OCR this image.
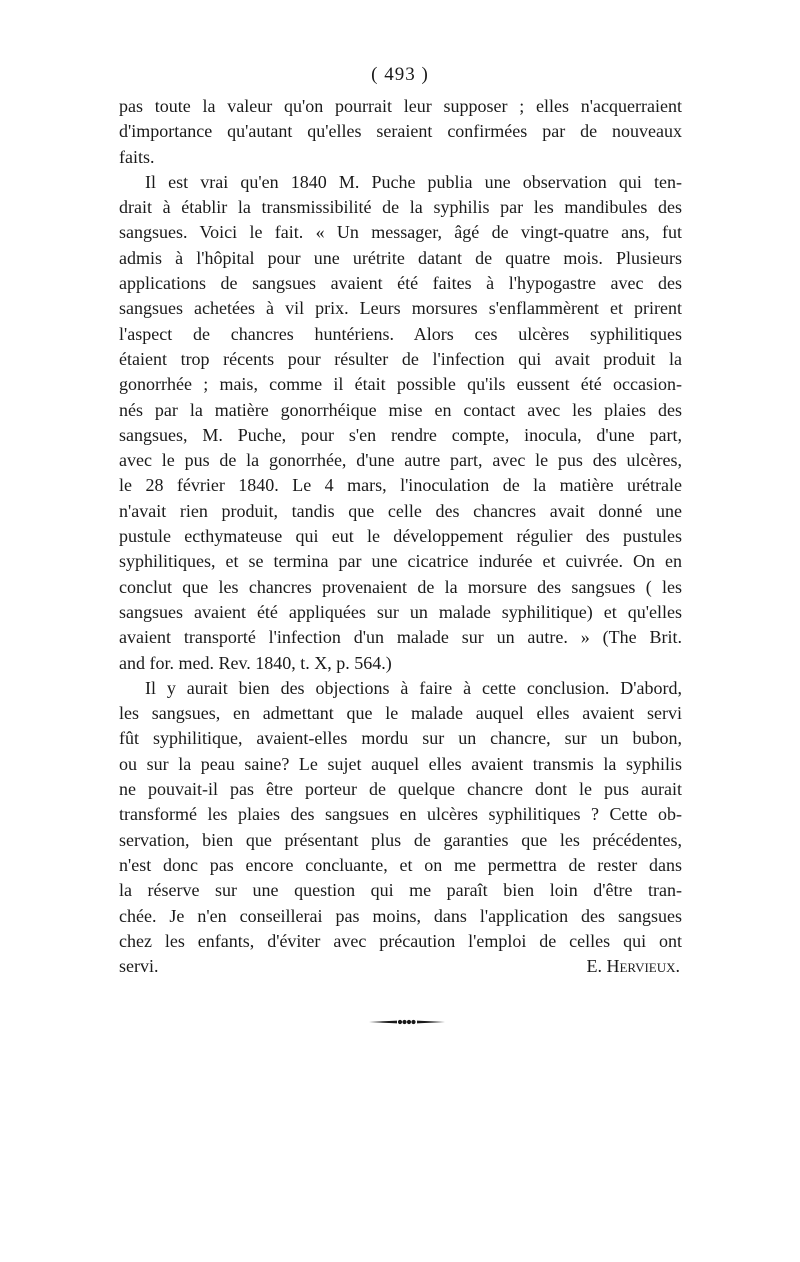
( 493 )
pas toute la valeur qu'on pourrait leur supposer ; elles n'acquerraient
d'importance qu'autant qu'elles seraient confirmées par de nouveaux
faits.
Il est vrai qu'en 1840 M. Puche publia une observation qui ten-
drait à établir la transmissibilité de la syphilis par les mandibules des
sangsues. Voici le fait. « Un messager, âgé de vingt-quatre ans, fut
admis à l'hôpital pour une urétrite datant de quatre mois. Plusieurs
applications de sangsues avaient été faites à l'hypogastre avec des
sangsues achetées à vil prix. Leurs morsures s'enflammèrent et prirent
l'aspect de chancres huntériens. Alors ces ulcères syphilitiques
étaient trop récents pour résulter de l'infection qui avait produit la
gonorrhée ; mais, comme il était possible qu'ils eussent été occasion-
nés par la matière gonorrhéique mise en contact avec les plaies des
sangsues, M. Puche, pour s'en rendre compte, inocula, d'une part,
avec le pus de la gonorrhée, d'une autre part, avec le pus des ulcères,
le 28 février 1840. Le 4 mars, l'inoculation de la matière urétrale
n'avait rien produit, tandis que celle des chancres avait donné une
pustule ecthymateuse qui eut le développement régulier des pustules
syphilitiques, et se termina par une cicatrice indurée et cuivrée. On en
conclut que les chancres provenaient de la morsure des sangsues ( les
sangsues avaient été appliquées sur un malade syphilitique) et qu'elles
avaient transporté l'infection d'un malade sur un autre. » (The Brit.
and for. med. Rev. 1840, t. X, p. 564.)
Il y aurait bien des objections à faire à cette conclusion. D'abord,
les sangsues, en admettant que le malade auquel elles avaient servi
fût syphilitique, avaient-elles mordu sur un chancre, sur un bubon,
ou sur la peau saine? Le sujet auquel elles avaient transmis la syphilis
ne pouvait-il pas être porteur de quelque chancre dont le pus aurait
transformé les plaies des sangsues en ulcères syphilitiques ? Cette ob-
servation, bien que présentant plus de garanties que les précédentes,
n'est donc pas encore concluante, et on me permettra de rester dans
la réserve sur une question qui me paraît bien loin d'être tran-
chée. Je n'en conseillerai pas moins, dans l'application des sangsues
chez les enfants, d'éviter avec précaution l'emploi de celles qui ont
servi.	E. Hervieux.
